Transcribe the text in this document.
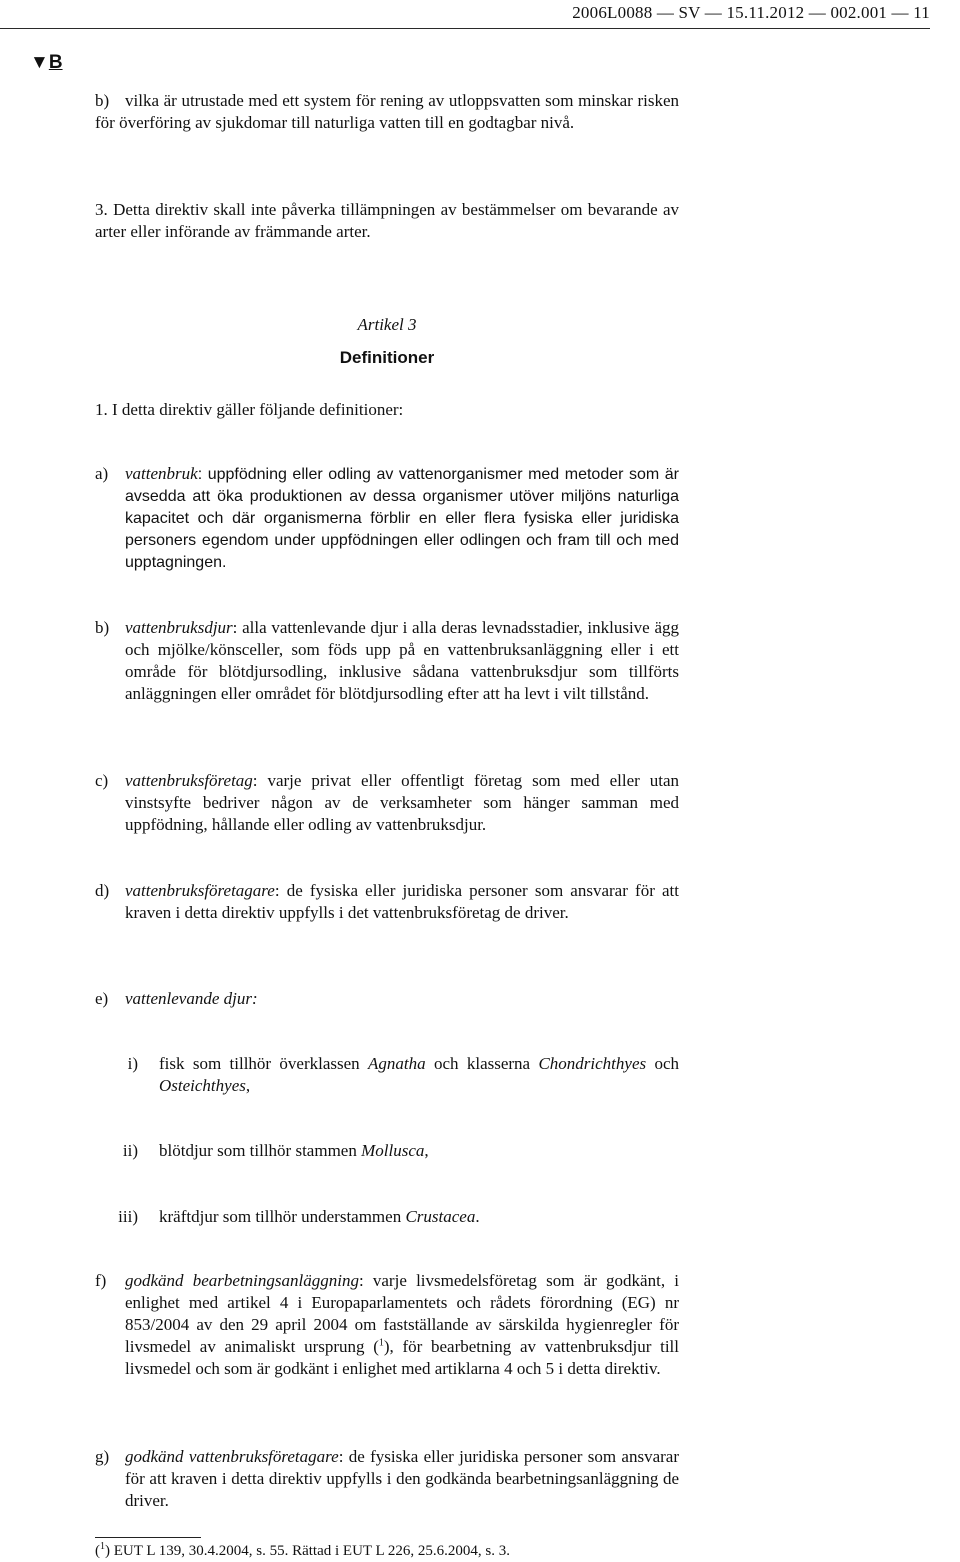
2006L0088 — SV — 15.11.2012 — 002.001 — 11
▼B
b) vilka är utrustade med ett system för rening av utloppsvatten som minskar risken för överföring av sjukdomar till naturliga vatten till en godtagbar nivå.

3. Detta direktiv skall inte påverka tillämpningen av bestämmelser om bevarande av arter eller införande av främmande arter.

Artikel 3
Definitioner

1. I detta direktiv gäller följande definitioner:

a) vattenbruk: uppfödning eller odling av vattenorganismer med metoder som är avsedda att öka produktionen av dessa organismer utöver miljöns naturliga kapacitet och där organismerna förblir en eller flera fysiska eller juridiska personers egendom under uppfödningen eller odlingen och fram till och med upptagningen.
b) vattenbruksdjur: alla vattenlevande djur i alla deras levnadsstadier, inklusive ägg och mjölke/könsceller, som föds upp på en vattenbruksanläggning eller i ett område för blötdjursodling, inklusive sådana vattenbruksdjur som tillförts anläggningen eller området för blötdjursodling efter att ha levt i vilt tillstånd.
c) vattenbruksföretag: varje privat eller offentligt företag som med eller utan vinstsyfte bedriver någon av de verksamheter som hänger samman med uppfödning, hållande eller odling av vattenbruksdjur.
d) vattenbruksföretagare: de fysiska eller juridiska personer som ansvarar för att kraven i detta direktiv uppfylls i det vattenbruksföretag de driver.
e) vattenlevande djur:
i) fisk som tillhör överklassen Agnatha och klasserna Chondrichthyes och Osteichthyes,
ii) blötdjur som tillhör stammen Mollusca,
iii) kräftdjur som tillhör understammen Crustacea.
f) godkänd bearbetningsanläggning: varje livsmedelsföretag som är godkänt, i enlighet med artikel 4 i Europaparlamentets och rådets förordning (EG) nr 853/2004 av den 29 april 2004 om fastställande av särskilda hygienregler för livsmedel av animaliskt ursprung ($^1$), för bearbetning av vattenbruksdjur till livsmedel och som är godkänt i enlighet med artiklarna 4 och 5 i detta direktiv.
g) godkänd vattenbruksföretagare: de fysiska eller juridiska personer som ansvarar för att kraven i detta direktiv uppfylls i den godkända bearbetningsanläggning de driver.
($^1$) EUT L 139, 30.4.2004, s. 55. Rättad i EUT L 226, 25.6.2004, s. 3.
